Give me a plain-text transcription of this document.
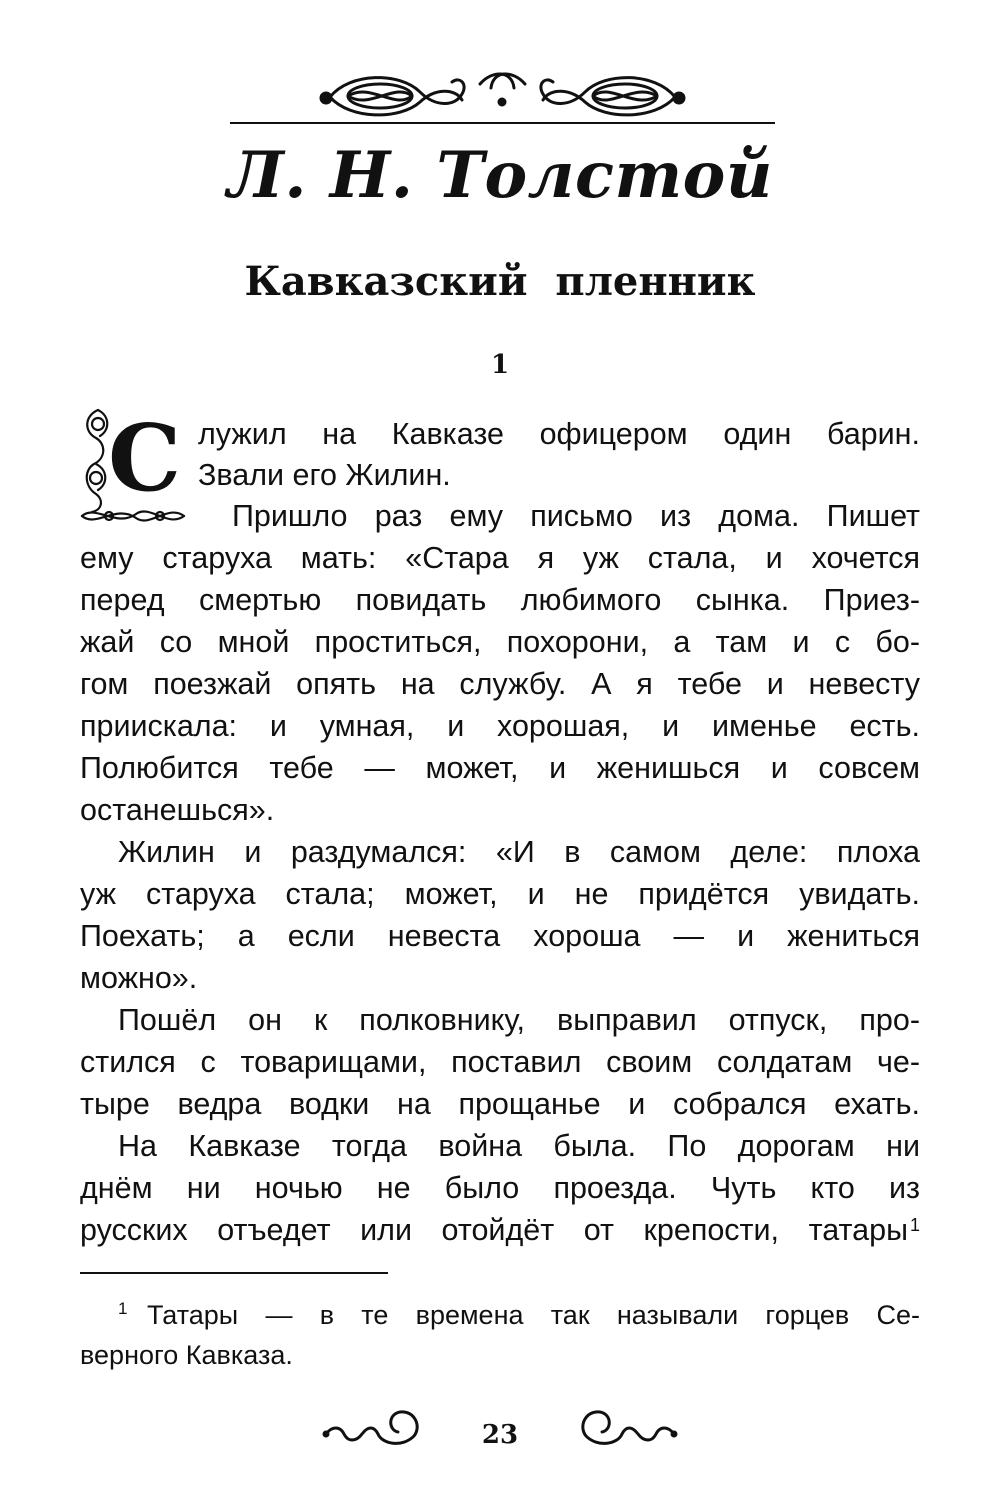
Л. Н. Толстой
Кавказский пленник
1
С лужил на Кавказе офицером один барин.
Звали его Жилин.
Пришло раз ему письмо из дома. Пишет
ему старуха мать: «Стара я уж стала, и хочется
перед смертью повидать любимого сынка. Приез-
жай со мной проститься, похорони, а там и с бо-
гом поезжай опять на службу. А я тебе и невесту
приискала: и умная, и хорошая, и именье есть.
Полюбится тебе — может, и женишься и совсем
останешься».
Жилин и раздумался: «И в самом деле: плоха
уж старуха стала; может, и не придётся увидать.
Поехать; а если невеста хороша — и жениться
можно».
Пошёл он к полковнику, выправил отпуск, про-
стился с товарищами, поставил своим солдатам че-
тыре ведра водки на прощанье и собрался ехать.
На Кавказе тогда война была. По дорогам ни
днём ни ночью не было проезда. Чуть кто из
русских отъедет или отойдёт от крепости, татары 1
1 Татары — в те времена так называли горцев Се-
верного Кавказа.
23
